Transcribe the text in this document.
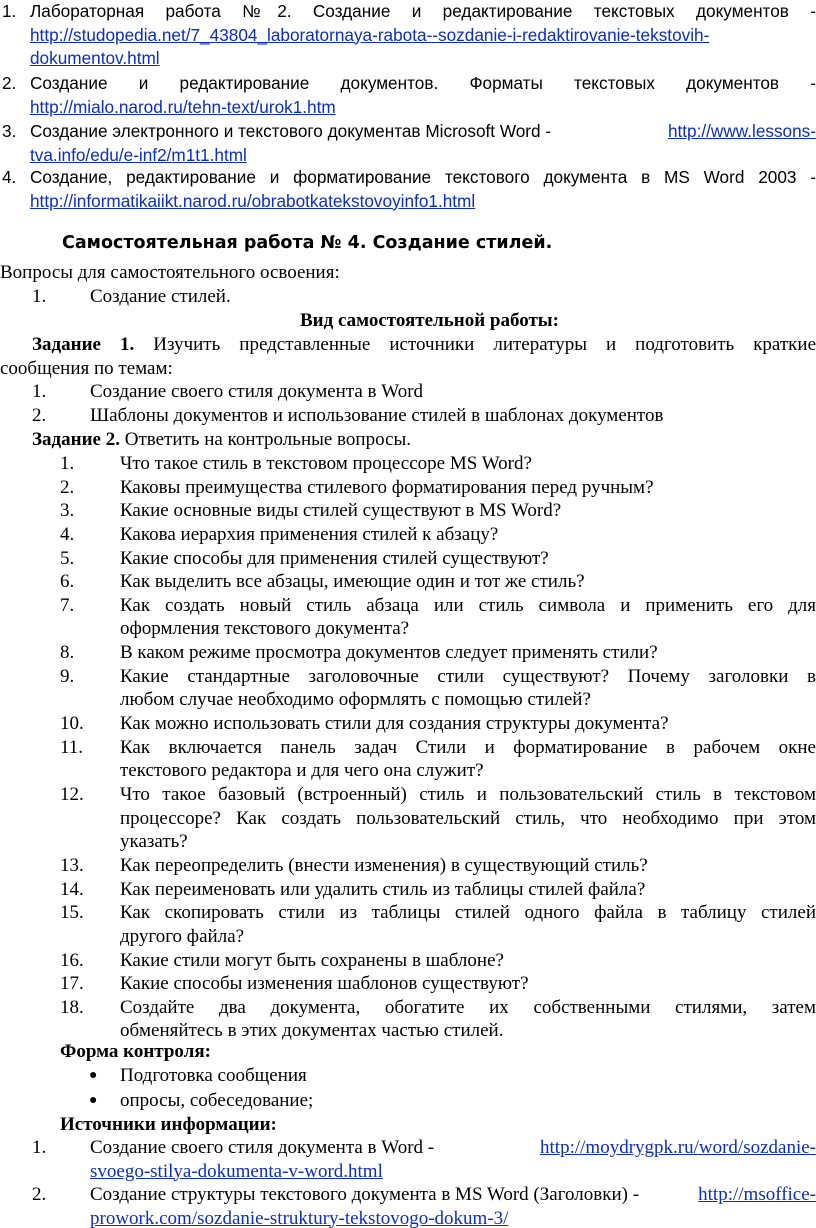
1. Лабораторная работа №2. Создание и редактирование текстовых документов -
http://studopedia.net/7_43804_laboratornaya-rabota--sozdanie-i-redaktirovanie-tekstovih-
dokumentov.html
2. Создание и редактирование документов. Форматы текстовых документов -
http://mialo.narod.ru/tehn-text/urok1.htm
3. Создание электронного и текстового документав Microsoft Word -	http://www.lessons-
tva.info/edu/e-inf2/m1t1.html
4. Создание, редактирование и форматирование текстового документа в MS Word 2003 -
http://informatikaiikt.narod.ru/obrabotkatekstovoyinfo1.html
Самостоятельная работа № 4. Создание стилей.
Вопросы для самостоятельного освоения:
1. Создание стилей.
Вид самостоятельной работы:
Задание 1. Изучить представленные источники литературы и подготовить краткие
сообщения по темам:
1. Создание своего стиля документа в Word
2. Шаблоны документов и использование стилей в шаблонах документов
Задание 2. Ответить на контрольные вопросы.
1. Что такое стиль в текстовом процессоре MS Word?
2. Каковы преимущества стилевого форматирования перед ручным?
3. Какие основные виды стилей существуют в MS Word?
4. Какова иерархия применения стилей к абзацу?
5. Какие способы для применения стилей существуют?
6. Как выделить все абзацы, имеющие один и тот же стиль?
7. Как создать новый стиль абзаца или стиль символа и применить его для
оформления текстового документа?
8. В каком режиме просмотра документов следует применять стили?
9. Какие стандартные заголовочные стили существуют? Почему заголовки в
любом случае необходимо оформлять с помощью стилей?
10. Как можно использовать стили для создания структуры документа?
11. Как включается панель задач Стили и форматирование в рабочем окне
текстового редактора и для чего она служит?
12. Что такое базовый (встроенный) стиль и пользовательский стиль в текстовом
процессоре? Как создать пользовательский стиль, что необходимо при этом
указать?
13. Как переопределить (внести изменения) в существующий стиль?
14. Как переименовать или удалить стиль из таблицы стилей файла?
15. Как скопировать стили из таблицы стилей одного файла в таблицу стилей
другого файла?
16. Какие стили могут быть сохранены в шаблоне?
17. Какие способы изменения шаблонов существуют?
18. Создайте два документа, обогатите их собственными стилями, затем
обменяйтесь в этих документах частью стилей.
Форма контроля:
● Подготовка сообщения
● опросы, собеседование;
Источники информации:
1. Создание своего стиля документа в Word -	http://moydrygpk.ru/word/sozdanie-
svoego-stilya-dokumenta-v-word.html
2. Создание структуры текстового документа в MS Word (Заголовки) -	http://msoffice-
prowork.com/sozdanie-struktury-tekstovogo-dokum-3/
